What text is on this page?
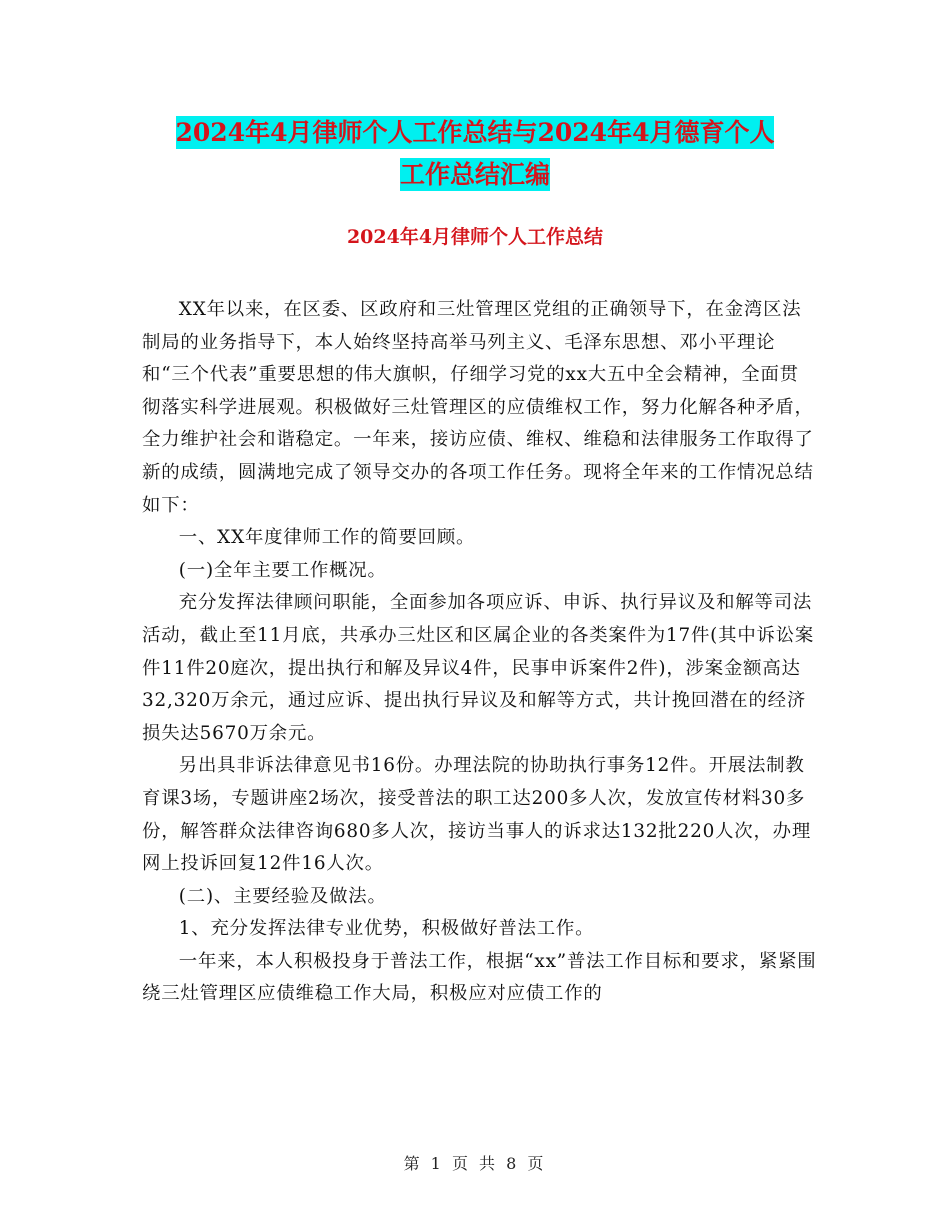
2024年4月律师个人工作总结与2024年4月德育个人
工作总结汇编
2024年4月律师个人工作总结

XX年以来，在区委、区政府和三灶管理区党组的正确领导下，在金湾区法制局的业务指导下，本人始终坚持高举马列主义、毛泽东思想、邓小平理论和“三个代表”重要思想的伟大旗帜，仔细学习党的xx大五中全会精神，全面贯彻落实科学进展观。积极做好三灶管理区的应债维权工作，努力化解各种矛盾，全力维护社会和谐稳定。一年来，接访应债、维权、维稳和法律服务工作取得了新的成绩，圆满地完成了领导交办的各项工作任务。现将全年来的工作情况总结如下：

一、XX年度律师工作的简要回顾。

(一)全年主要工作概况。

充分发挥法律顾问职能，全面参加各项应诉、申诉、执行异议及和解等司法活动，截止至11月底，共承办三灶区和区属企业的各类案件为17件(其中诉讼案件11件20庭次，提出执行和解及异议4件，民事申诉案件2件)，涉案金额高达32,320万余元，通过应诉、提出执行异议及和解等方式，共计挽回潜在的经济损失达5670万余元。

另出具非诉法律意见书16份。办理法院的协助执行事务12件。开展法制教育课3场，专题讲座2场次，接受普法的职工达200多人次，发放宣传材料30多份，解答群众法律咨询680多人次，接访当事人的诉求达132批220人次，办理网上投诉回复12件16人次。

(二)、主要经验及做法。

1、充分发挥法律专业优势，积极做好普法工作。

一年来，本人积极投身于普法工作，根据“xx”普法工作目标和要求，紧紧围绕三灶管理区应债维稳工作大局，积极应对应债工作的

第 1 页 共 8 页
